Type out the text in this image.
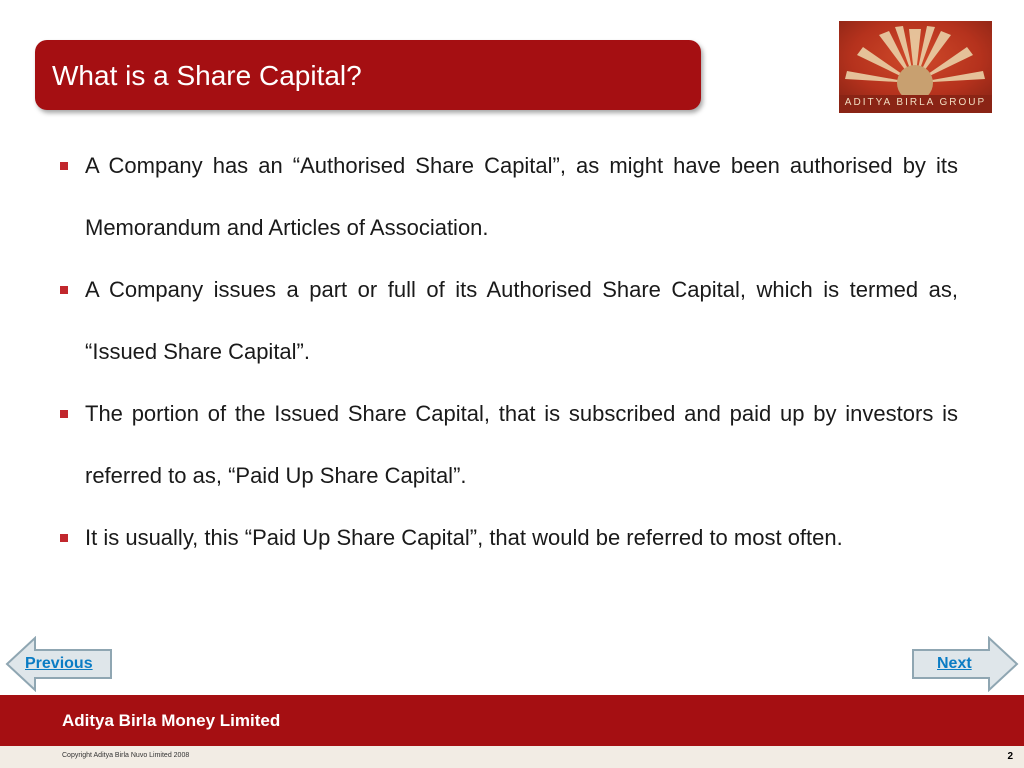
What is a Share Capital?
ADITYA BIRLA GROUP
A Company has an “Authorised Share Capital”, as might have been authorised by its Memorandum and Articles of Association.
A Company issues a part or full of its Authorised Share Capital, which is termed as, “Issued Share Capital”.
The portion of the Issued Share Capital, that is subscribed and paid up by investors is referred to as, “Paid Up Share Capital”.
It is usually, this “Paid Up Share Capital”, that would be referred to most often.
Previous	Next
Aditya Birla Money Limited
Copyright Aditya Birla Nuvo Limited 2008	2
